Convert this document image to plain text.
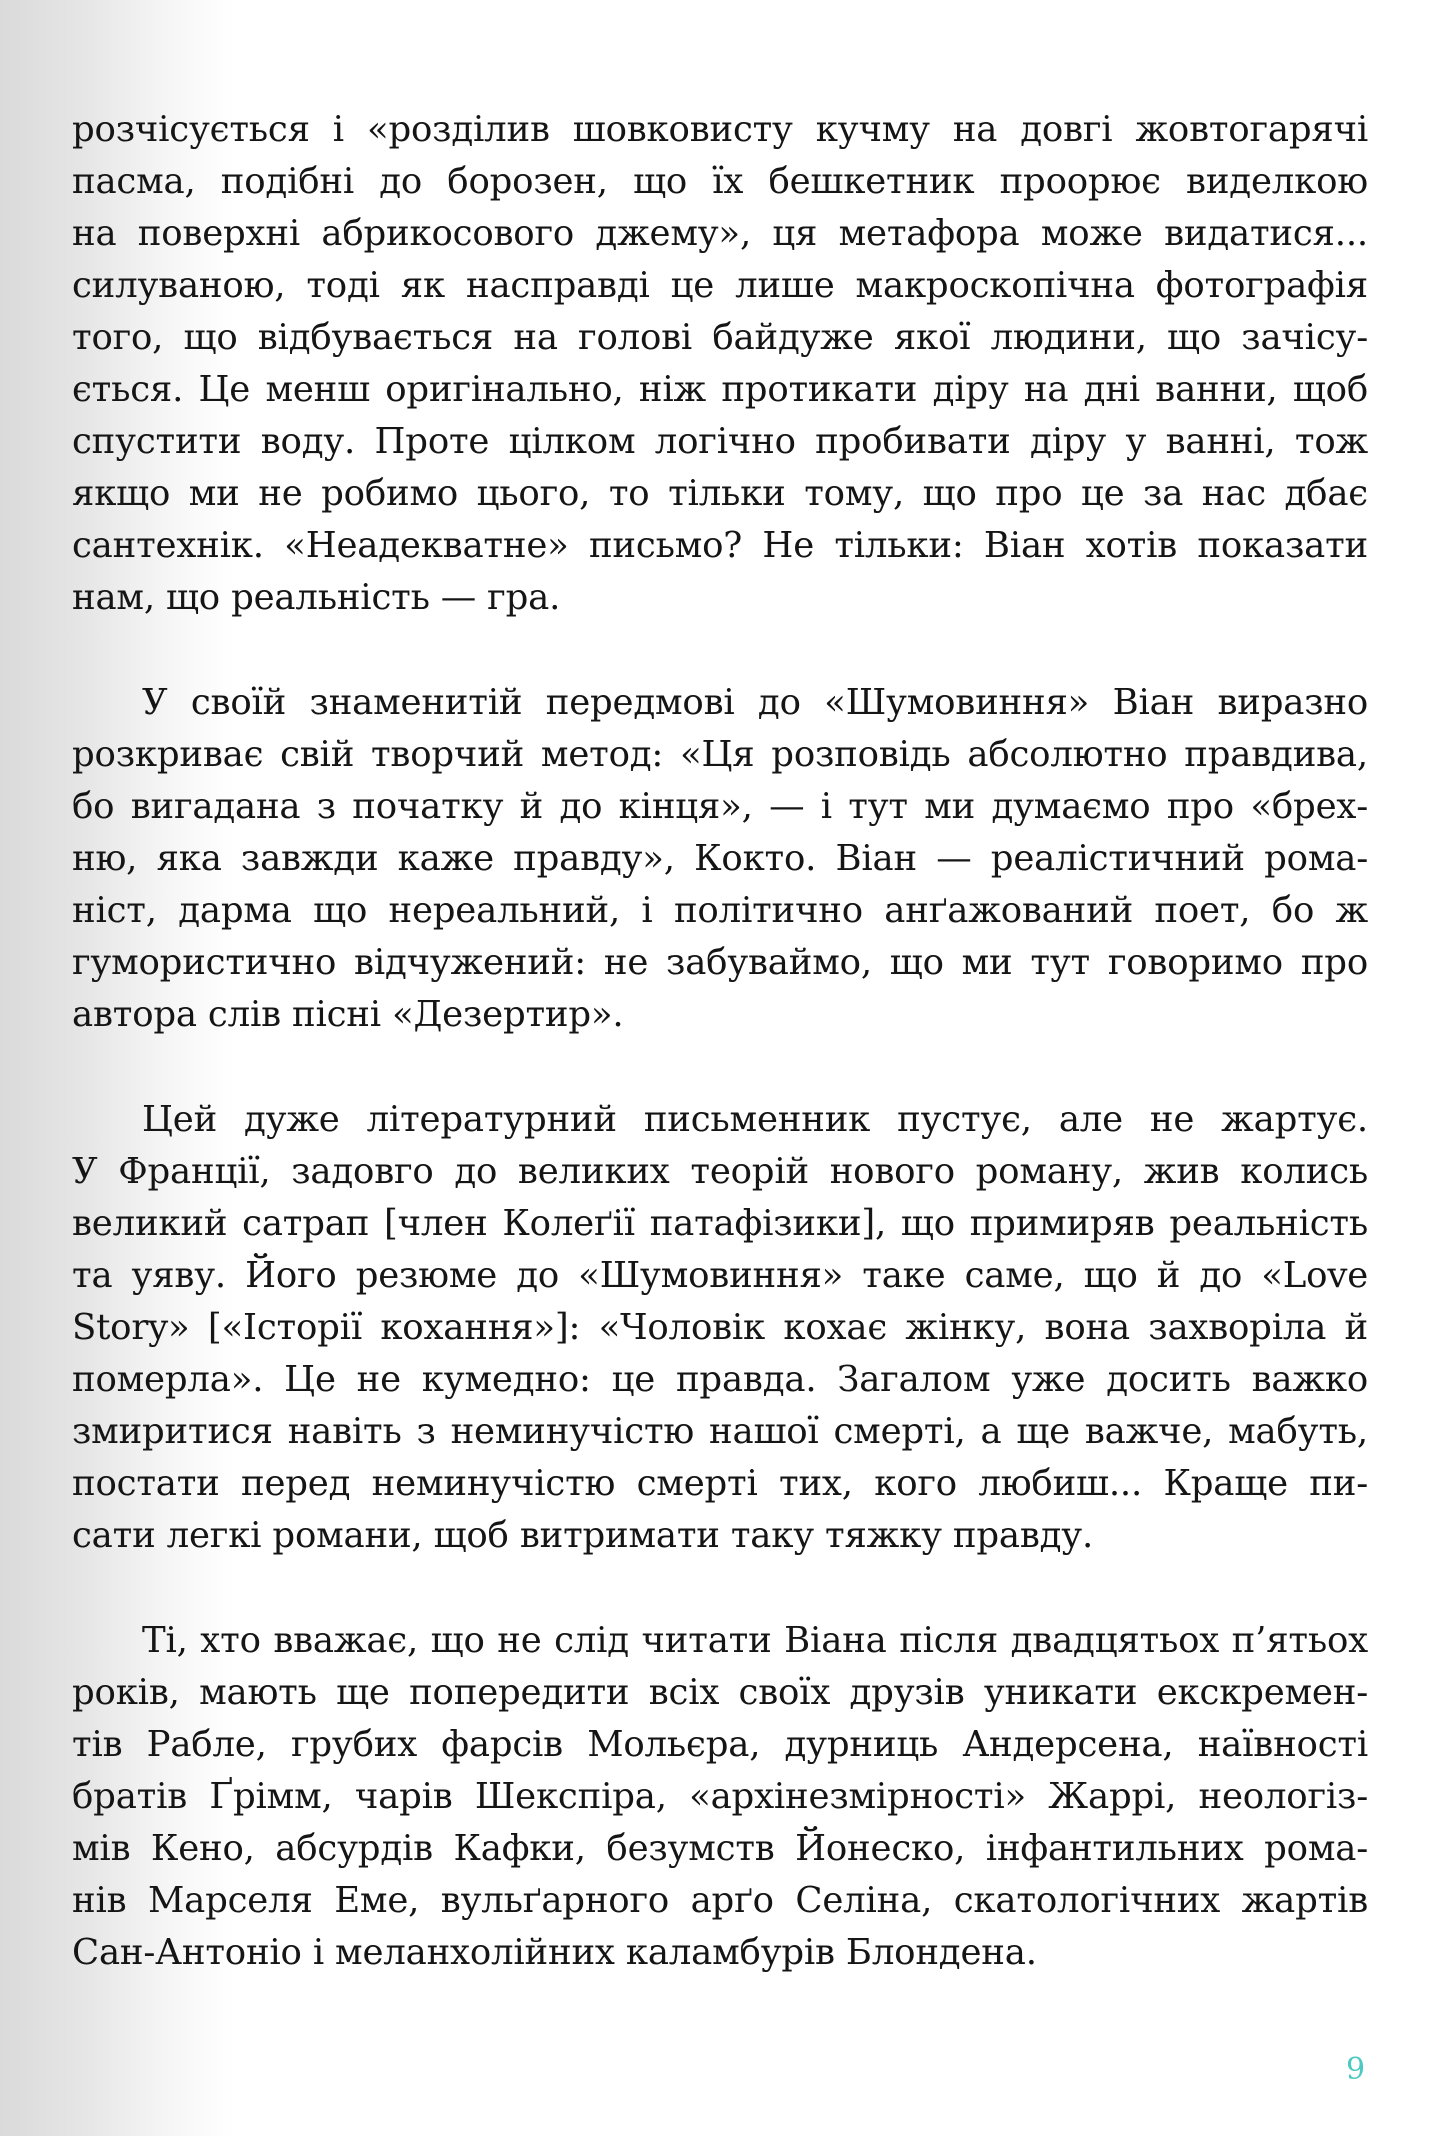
розчісується і «розділив шовковисту кучму на довгі жовтогарячі
пасма, подібні до борозен, що їх бешкетник проорює виделкою
на поверхні абрикосового джему», ця метафора може видатися...
силуваною, тоді як насправді це лише макроскопічна фотографія
того, що відбувається на голові байдуже якої людини, що зачісу-
ється. Це менш оригінально, ніж протикати діру на дні ванни, щоб
спустити воду. Проте цілком логічно пробивати діру у ванні, тож
якщо ми не робимо цього, то тільки тому, що про це за нас дбає
сантехнік. «Неадекватне» письмо? Не тільки: Віан хотів показати
нам, що реальність — гра.
У своїй знаменитій передмові до «Шумовиння» Віан виразно
розкриває свій творчий метод: «Ця розповідь абсолютно правдива,
бо вигадана з початку й до кінця», — і тут ми думаємо про «брех-
ню, яка завжди каже правду», Кокто. Віан — реалістичний рома-
ніст, дарма що нереальний, і політично анґажований поет, бо ж
гумористично відчужений: не забуваймо, що ми тут говоримо про
автора слів пісні «Дезертир».
Цей дуже літературний письменник пустує, але не жартує.
У Франції, задовго до великих теорій нового роману, жив колись
великий сатрап [член Колеґії патафізики], що примиряв реальність
та уяву. Його резюме до «Шумовиння» таке саме, що й до «Love
Story» [«Історії кохання»]: «Чоловік кохає жінку, вона захворіла й
померла». Це не кумедно: це правда. Загалом уже досить важко
змиритися навіть з неминучістю нашої смерті, а ще важче, мабуть,
постати перед неминучістю смерті тих, кого любиш... Краще пи-
сати легкі романи, щоб витримати таку тяжку правду.
Ті, хто вважає, що не слід читати Віана після двадцятьох п’ятьох
років, мають ще попередити всіх своїх друзів уникати екскремен-
тів Рабле, грубих фарсів Мольєра, дурниць Андерсена, наївності
братів Ґрімм, чарів Шекспіра, «архінезмірності» Жаррі, неологіз-
мів Кено, абсурдів Кафки, безумств Йонеско, інфантильних рома-
нів Марселя Еме, вульґарного арґо Селіна, скатологічних жартів
Сан-Антоніо і меланхолійних каламбурів Блондена.
9
